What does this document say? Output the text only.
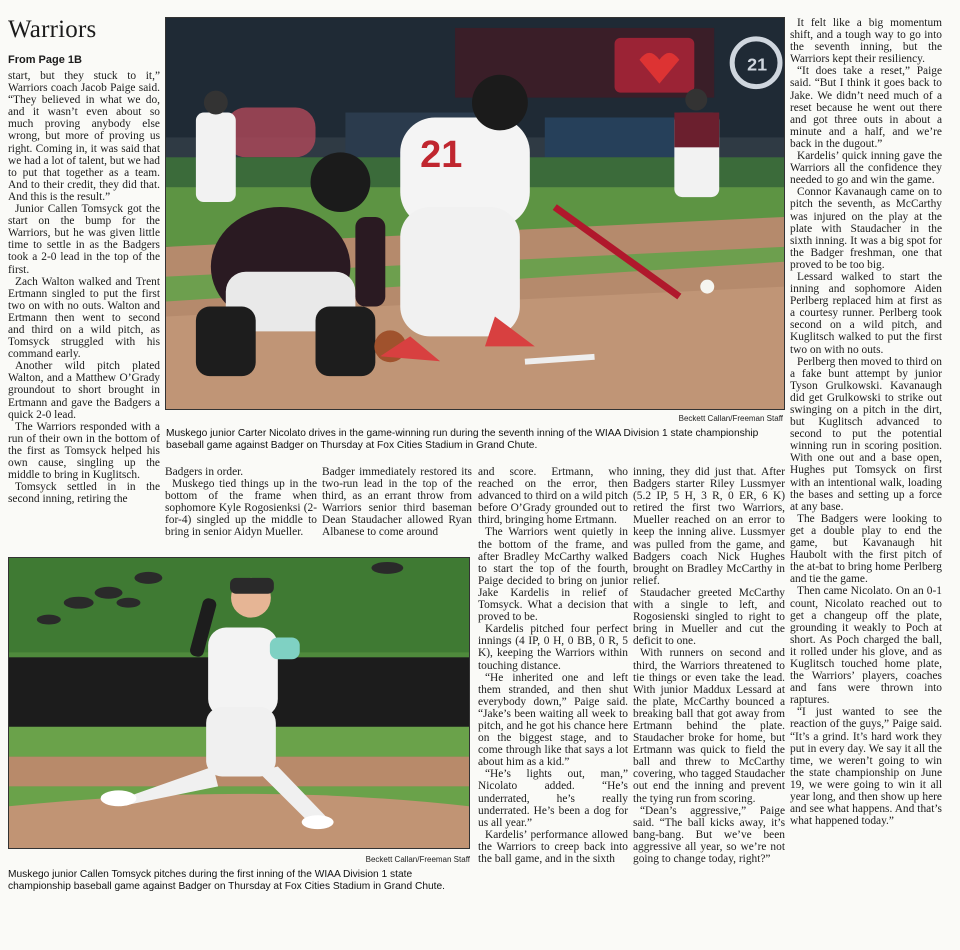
Warriors
From Page 1B

start, but they stuck to it,” Warriors coach Jacob Paige said. “They believed in what we do, and it wasn’t even about so much proving anybody else wrong, but more of proving us right. Coming in, it was said that we had a lot of talent, but we had to put that together as a team. And to their credit, they did that. And this is the result.”

Junior Callen Tomsyck got the start on the bump for the Warriors, but he was given little time to settle in as the Badgers took a 2-0 lead in the top of the first.

Zach Walton walked and Trent Ertmann singled to put the first two on with no outs. Walton and Ertmann then went to second and third on a wild pitch, as Tomsyck struggled with his command early.

Another wild pitch plated Walton, and a Matthew O’Grady groundout to short brought in Ertmann and gave the Badgers a quick 2-0 lead.

The Warriors responded with a run of their own in the bottom of the first as Tomsyck helped his own cause, singling up the middle to bring in Kuglitsch.

Tomsyck settled in in the second inning, retiring the

21
21
Beckett Callan/Freeman Staff
Muskego junior Carter Nicolato drives in the game-winning run during the seventh inning of the WIAA Division 1 state championship baseball game against Badger on Thursday at Fox Cities Stadium in Grand Chute.

Badgers in order.

Muskego tied things up in the bottom of the frame when sophomore Kyle Rogosienksi (2-for-4) singled up the middle to bring in senior Aidyn Mueller.

Badger immediately restored its two-run lead in the top of the third, as an errant throw from Warriors senior third baseman Dean Staudacher allowed Ryan Albanese to come around

Beckett Callan/Freeman Staff
Muskego junior Callen Tomsyck pitches during the first inning of the WIAA Division 1 state championship baseball game against Badger on Thursday at Fox Cities Stadium in Grand Chute.

and score. Ertmann, who reached on the error, then advanced to third on a wild pitch before O’Grady grounded out to third, bringing home Ertmann.

The Warriors went quietly in the bottom of the frame, and after Bradley McCarthy walked to start the top of the fourth, Paige decided to bring on junior Jake Kardelis in relief of Tomsyck. What a decision that proved to be.

Kardelis pitched four perfect innings (4 IP, 0 H, 0 BB, 0 R, 5 K), keeping the Warriors within touching distance.

“He inherited one and left them stranded, and then shut everybody down,” Paige said. “Jake’s been waiting all week to pitch, and he got his chance here on the biggest stage, and to come through like that says a lot about him as a kid.”

“He’s lights out, man,” Nicolato added. “He’s underrated, he’s really underrated. He’s been a dog for us all year.”

Kardelis’ performance allowed the Warriors to creep back into the ball game, and in the sixth

inning, they did just that. After Badgers starter Riley Lussmyer (5.2 IP, 5 H, 3 R, 0 ER, 6 K) retired the first two Warriors, Mueller reached on an error to keep the inning alive. Lussmyer was pulled from the game, and Badgers coach Nick Hughes brought on Bradley McCarthy in relief.

Staudacher greeted McCarthy with a single to left, and Rogosienski singled to right to bring in Mueller and cut the deficit to one.

With runners on second and third, the Warriors threatened to tie things or even take the lead. With junior Maddux Lessard at the plate, McCarthy bounced a breaking ball that got away from Ertmann behind the plate. Staudacher broke for home, but Ertmann was quick to field the ball and threw to McCarthy covering, who tagged Staudacher out end the inning and prevent the tying run from scoring.

“Dean’s aggressive,” Paige said. “The ball kicks away, it’s bang-bang. But we’ve been aggressive all year, so we’re not going to change today, right?”

It felt like a big momentum shift, and a tough way to go into the seventh inning, but the Warriors kept their resiliency.

“It does take a reset,” Paige said. “But I think it goes back to Jake. We didn’t need much of a reset because he went out there and got three outs in about a minute and a half, and we’re back in the dugout.”

Kardelis’ quick inning gave the Warriors all the confidence they needed to go and win the game.

Connor Kavanaugh came on to pitch the seventh, as McCarthy was injured on the play at the plate with Staudacher in the sixth inning. It was a big spot for the Badger freshman, one that proved to be too big.

Lessard walked to start the inning and sophomore Aiden Perlberg replaced him at first as a courtesy runner. Perlberg took second on a wild pitch, and Kuglitsch walked to put the first two on with no outs.

Perlberg then moved to third on a fake bunt attempt by junior Tyson Grulkowski. Kavanaugh did get Grulkowski to strike out swinging on a pitch in the dirt, but Kuglitsch advanced to second to put the potential winning run in scoring position. With one out and a base open, Hughes put Tomsyck on first with an intentional walk, loading the bases and setting up a force at any base.

The Badgers were looking to get a double play to end the game, but Kavanaugh hit Haubolt with the first pitch of the at-bat to bring home Perlberg and tie the game.

Then came Nicolato. On an 0-1 count, Nicolato reached out to get a changeup off the plate, grounding it weakly to Poch at short. As Poch charged the ball, it rolled under his glove, and as Kuglitsch touched home plate, the Warriors’ players, coaches and fans were thrown into raptures.

“I just wanted to see the reaction of the guys,” Paige said. “It’s a grind. It’s hard work they put in every day. We say it all the time, we weren’t going to win the state championship on June 19, we were going to win it all year long, and then show up here and see what happens. And that’s what happened today.”
